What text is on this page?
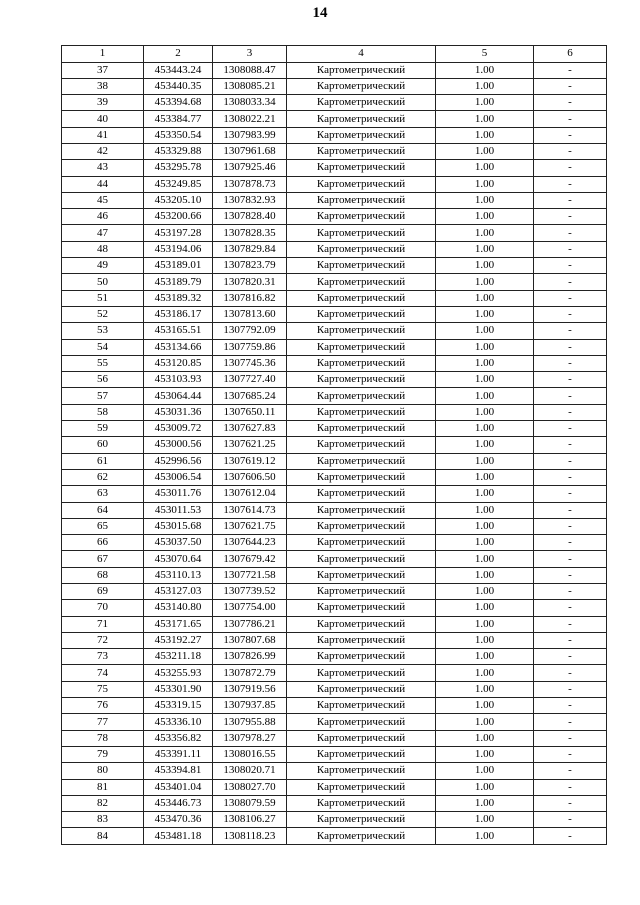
14
1	2	3	4	5	6
37	453443.24	1308088.47	Картометрический	1.00	-
38	453440.35	1308085.21	Картометрический	1.00	-
39	453394.68	1308033.34	Картометрический	1.00	-
40	453384.77	1308022.21	Картометрический	1.00	-
41	453350.54	1307983.99	Картометрический	1.00	-
42	453329.88	1307961.68	Картометрический	1.00	-
43	453295.78	1307925.46	Картометрический	1.00	-
44	453249.85	1307878.73	Картометрический	1.00	-
45	453205.10	1307832.93	Картометрический	1.00	-
46	453200.66	1307828.40	Картометрический	1.00	-
47	453197.28	1307828.35	Картометрический	1.00	-
48	453194.06	1307829.84	Картометрический	1.00	-
49	453189.01	1307823.79	Картометрический	1.00	-
50	453189.79	1307820.31	Картометрический	1.00	-
51	453189.32	1307816.82	Картометрический	1.00	-
52	453186.17	1307813.60	Картометрический	1.00	-
53	453165.51	1307792.09	Картометрический	1.00	-
54	453134.66	1307759.86	Картометрический	1.00	-
55	453120.85	1307745.36	Картометрический	1.00	-
56	453103.93	1307727.40	Картометрический	1.00	-
57	453064.44	1307685.24	Картометрический	1.00	-
58	453031.36	1307650.11	Картометрический	1.00	-
59	453009.72	1307627.83	Картометрический	1.00	-
60	453000.56	1307621.25	Картометрический	1.00	-
61	452996.56	1307619.12	Картометрический	1.00	-
62	453006.54	1307606.50	Картометрический	1.00	-
63	453011.76	1307612.04	Картометрический	1.00	-
64	453011.53	1307614.73	Картометрический	1.00	-
65	453015.68	1307621.75	Картометрический	1.00	-
66	453037.50	1307644.23	Картометрический	1.00	-
67	453070.64	1307679.42	Картометрический	1.00	-
68	453110.13	1307721.58	Картометрический	1.00	-
69	453127.03	1307739.52	Картометрический	1.00	-
70	453140.80	1307754.00	Картометрический	1.00	-
71	453171.65	1307786.21	Картометрический	1.00	-
72	453192.27	1307807.68	Картометрический	1.00	-
73	453211.18	1307826.99	Картометрический	1.00	-
74	453255.93	1307872.79	Картометрический	1.00	-
75	453301.90	1307919.56	Картометрический	1.00	-
76	453319.15	1307937.85	Картометрический	1.00	-
77	453336.10	1307955.88	Картометрический	1.00	-
78	453356.82	1307978.27	Картометрический	1.00	-
79	453391.11	1308016.55	Картометрический	1.00	-
80	453394.81	1308020.71	Картометрический	1.00	-
81	453401.04	1308027.70	Картометрический	1.00	-
82	453446.73	1308079.59	Картометрический	1.00	-
83	453470.36	1308106.27	Картометрический	1.00	-
84	453481.18	1308118.23	Картометрический	1.00	-
